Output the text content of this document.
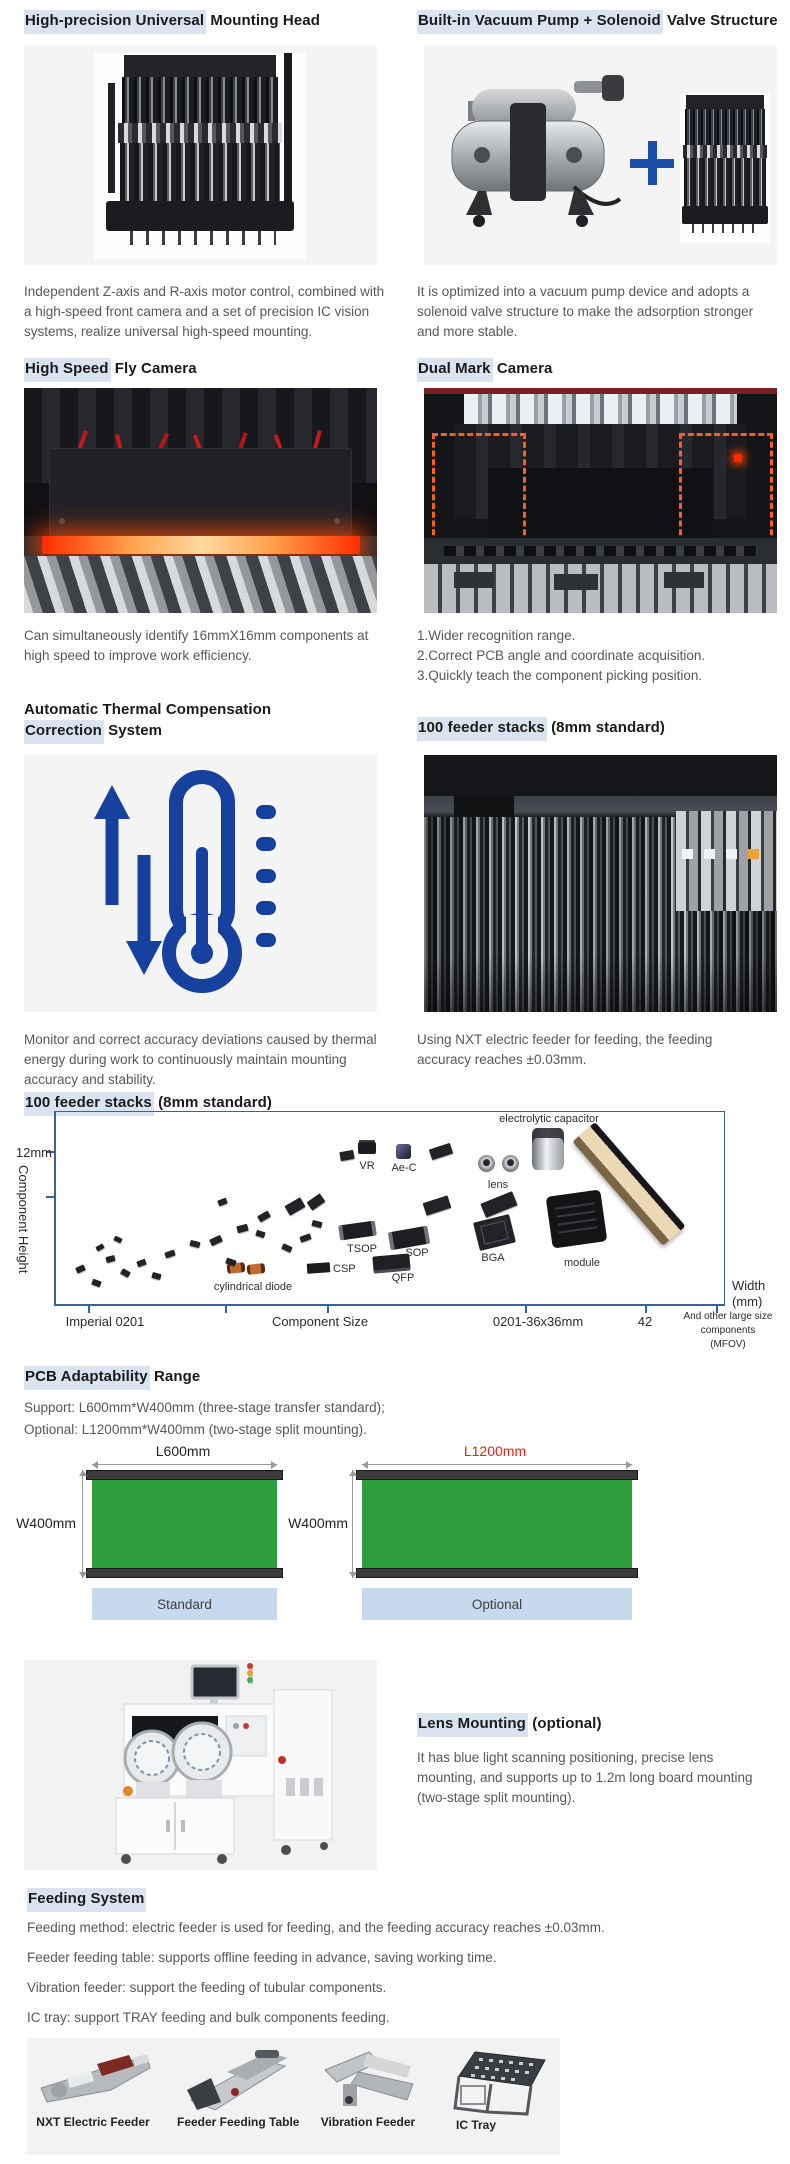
High-precision Universal Mounting Head	Built-in Vacuum Pump + Solenoid Valve Structure
Independent Z-axis and R-axis motor control, combined with a high-speed front camera and a set of precision IC vision systems, realize universal high-speed mounting.
It is optimized into a vacuum pump device and adopts a solenoid valve structure to make the adsorption stronger and more stable.
High Speed Fly Camera	Dual Mark Camera
Can simultaneously identify 16mmX16mm components at high speed to improve work efficiency.
1.Wider recognition range.
2.Correct PCB angle and coordinate acquisition.
3.Quickly teach the component picking position.
Automatic Thermal Compensation
Correction System	100 feeder stacks (8mm standard)
Monitor and correct accuracy deviations caused by thermal energy during work to continuously maintain mounting accuracy and stability.
Using NXT electric feeder for feeding, the feeding accuracy reaches ±0.03mm.
100 feeder stacks (8mm standard)
12mm
Component Height
Imperial 0201	Component Size	0201-36x36mm	42	And other large size
components
(MFOV)
Width
(mm)
VR Ae-C
lens
electrolytic capacitor
TSOP	SOP	BGA	module
CSP
QFP
cylindrical diode
PCB Adaptability Range
Support: L600mm*W400mm (three-stage transfer standard);
Optional: L1200mm*W400mm (two-stage split mounting).
L600mm
W400mm
Standard
L1200mm
W400mm
Optional
Lens Mounting (optional)
It has blue light scanning positioning, precise lens mounting, and supports up to 1.2m long board mounting (two-stage split mounting).
Feeding System
Feeding method: electric feeder is used for feeding, and the feeding accuracy reaches ±0.03mm.
Feeder feeding table: supports offline feeding in advance, saving working time.
Vibration feeder: support the feeding of tubular components.
IC tray: support TRAY feeding and bulk components feeding.
NXT Electric Feeder Feeder Feeding Table	Vibration Feeder	IC Tray
